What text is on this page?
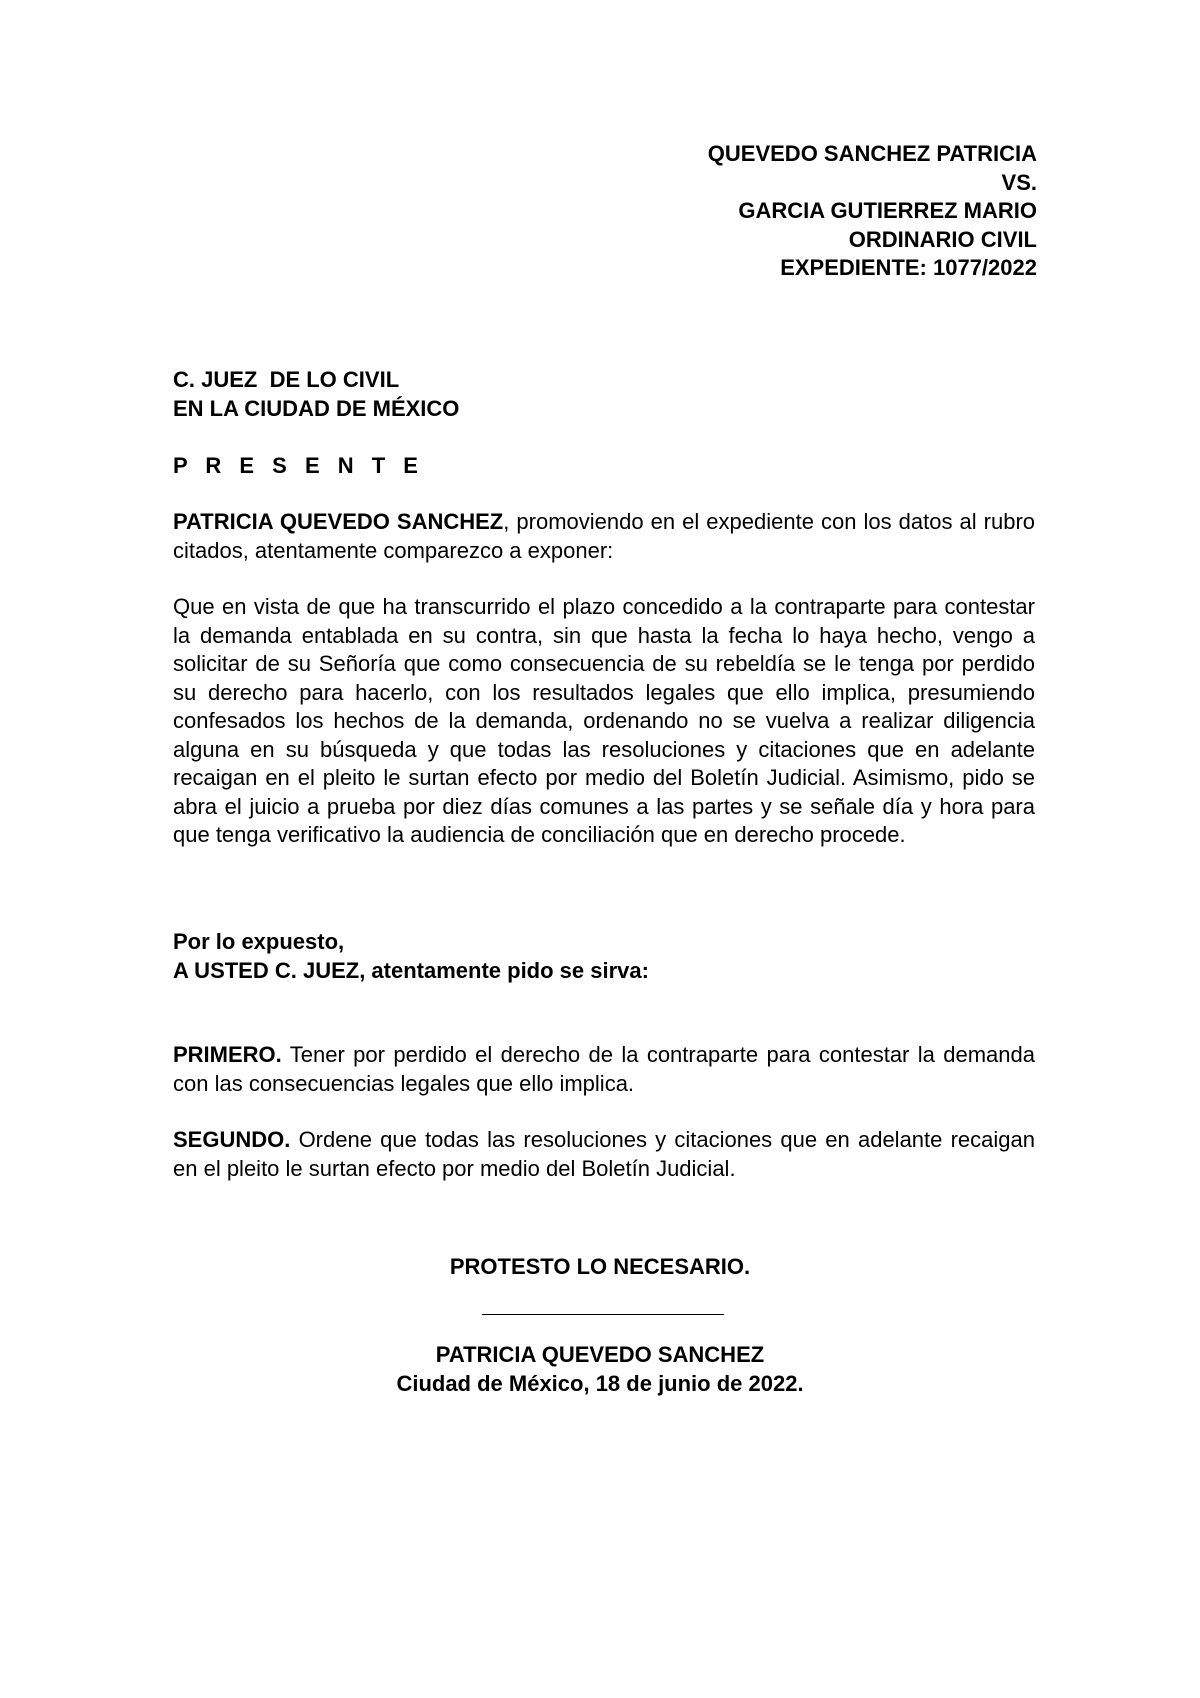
QUEVEDO SANCHEZ PATRICIA
VS.
GARCIA GUTIERREZ MARIO
ORDINARIO CIVIL
EXPEDIENTE: 1077/2022
C. JUEZ  DE LO CIVIL
EN LA CIUDAD DE MÉXICO
P R E S E N T E
PATRICIA QUEVEDO SANCHEZ, promoviendo en el expediente con los datos al rubro citados, atentamente comparezco a exponer:
Que en vista de que ha transcurrido el plazo concedido a la contraparte para contestar la demanda entablada en su contra, sin que hasta la fecha lo haya hecho, vengo a solicitar de su Señoría que como consecuencia de su rebeldía se le tenga por perdido su derecho para hacerlo, con los resultados legales que ello implica, presumiendo confesados los hechos de la demanda, ordenando no se vuelva a realizar diligencia alguna en su búsqueda y que todas las resoluciones y citaciones que en adelante recaigan en el pleito le surtan efecto por medio del Boletín Judicial. Asimismo, pido se abra el juicio a prueba por diez días comunes a las partes y se señale día y hora para que tenga verificativo la audiencia de conciliación que en derecho procede.
Por lo expuesto,
A USTED C. JUEZ, atentamente pido se sirva:
PRIMERO. Tener por perdido el derecho de la contraparte para contestar la demanda con las consecuencias legales que ello implica.
SEGUNDO. Ordene que todas las resoluciones y citaciones que en adelante recaigan en el pleito le surtan efecto por medio del Boletín Judicial.
PROTESTO LO NECESARIO.
PATRICIA QUEVEDO SANCHEZ
Ciudad de México, 18 de junio de 2022.
